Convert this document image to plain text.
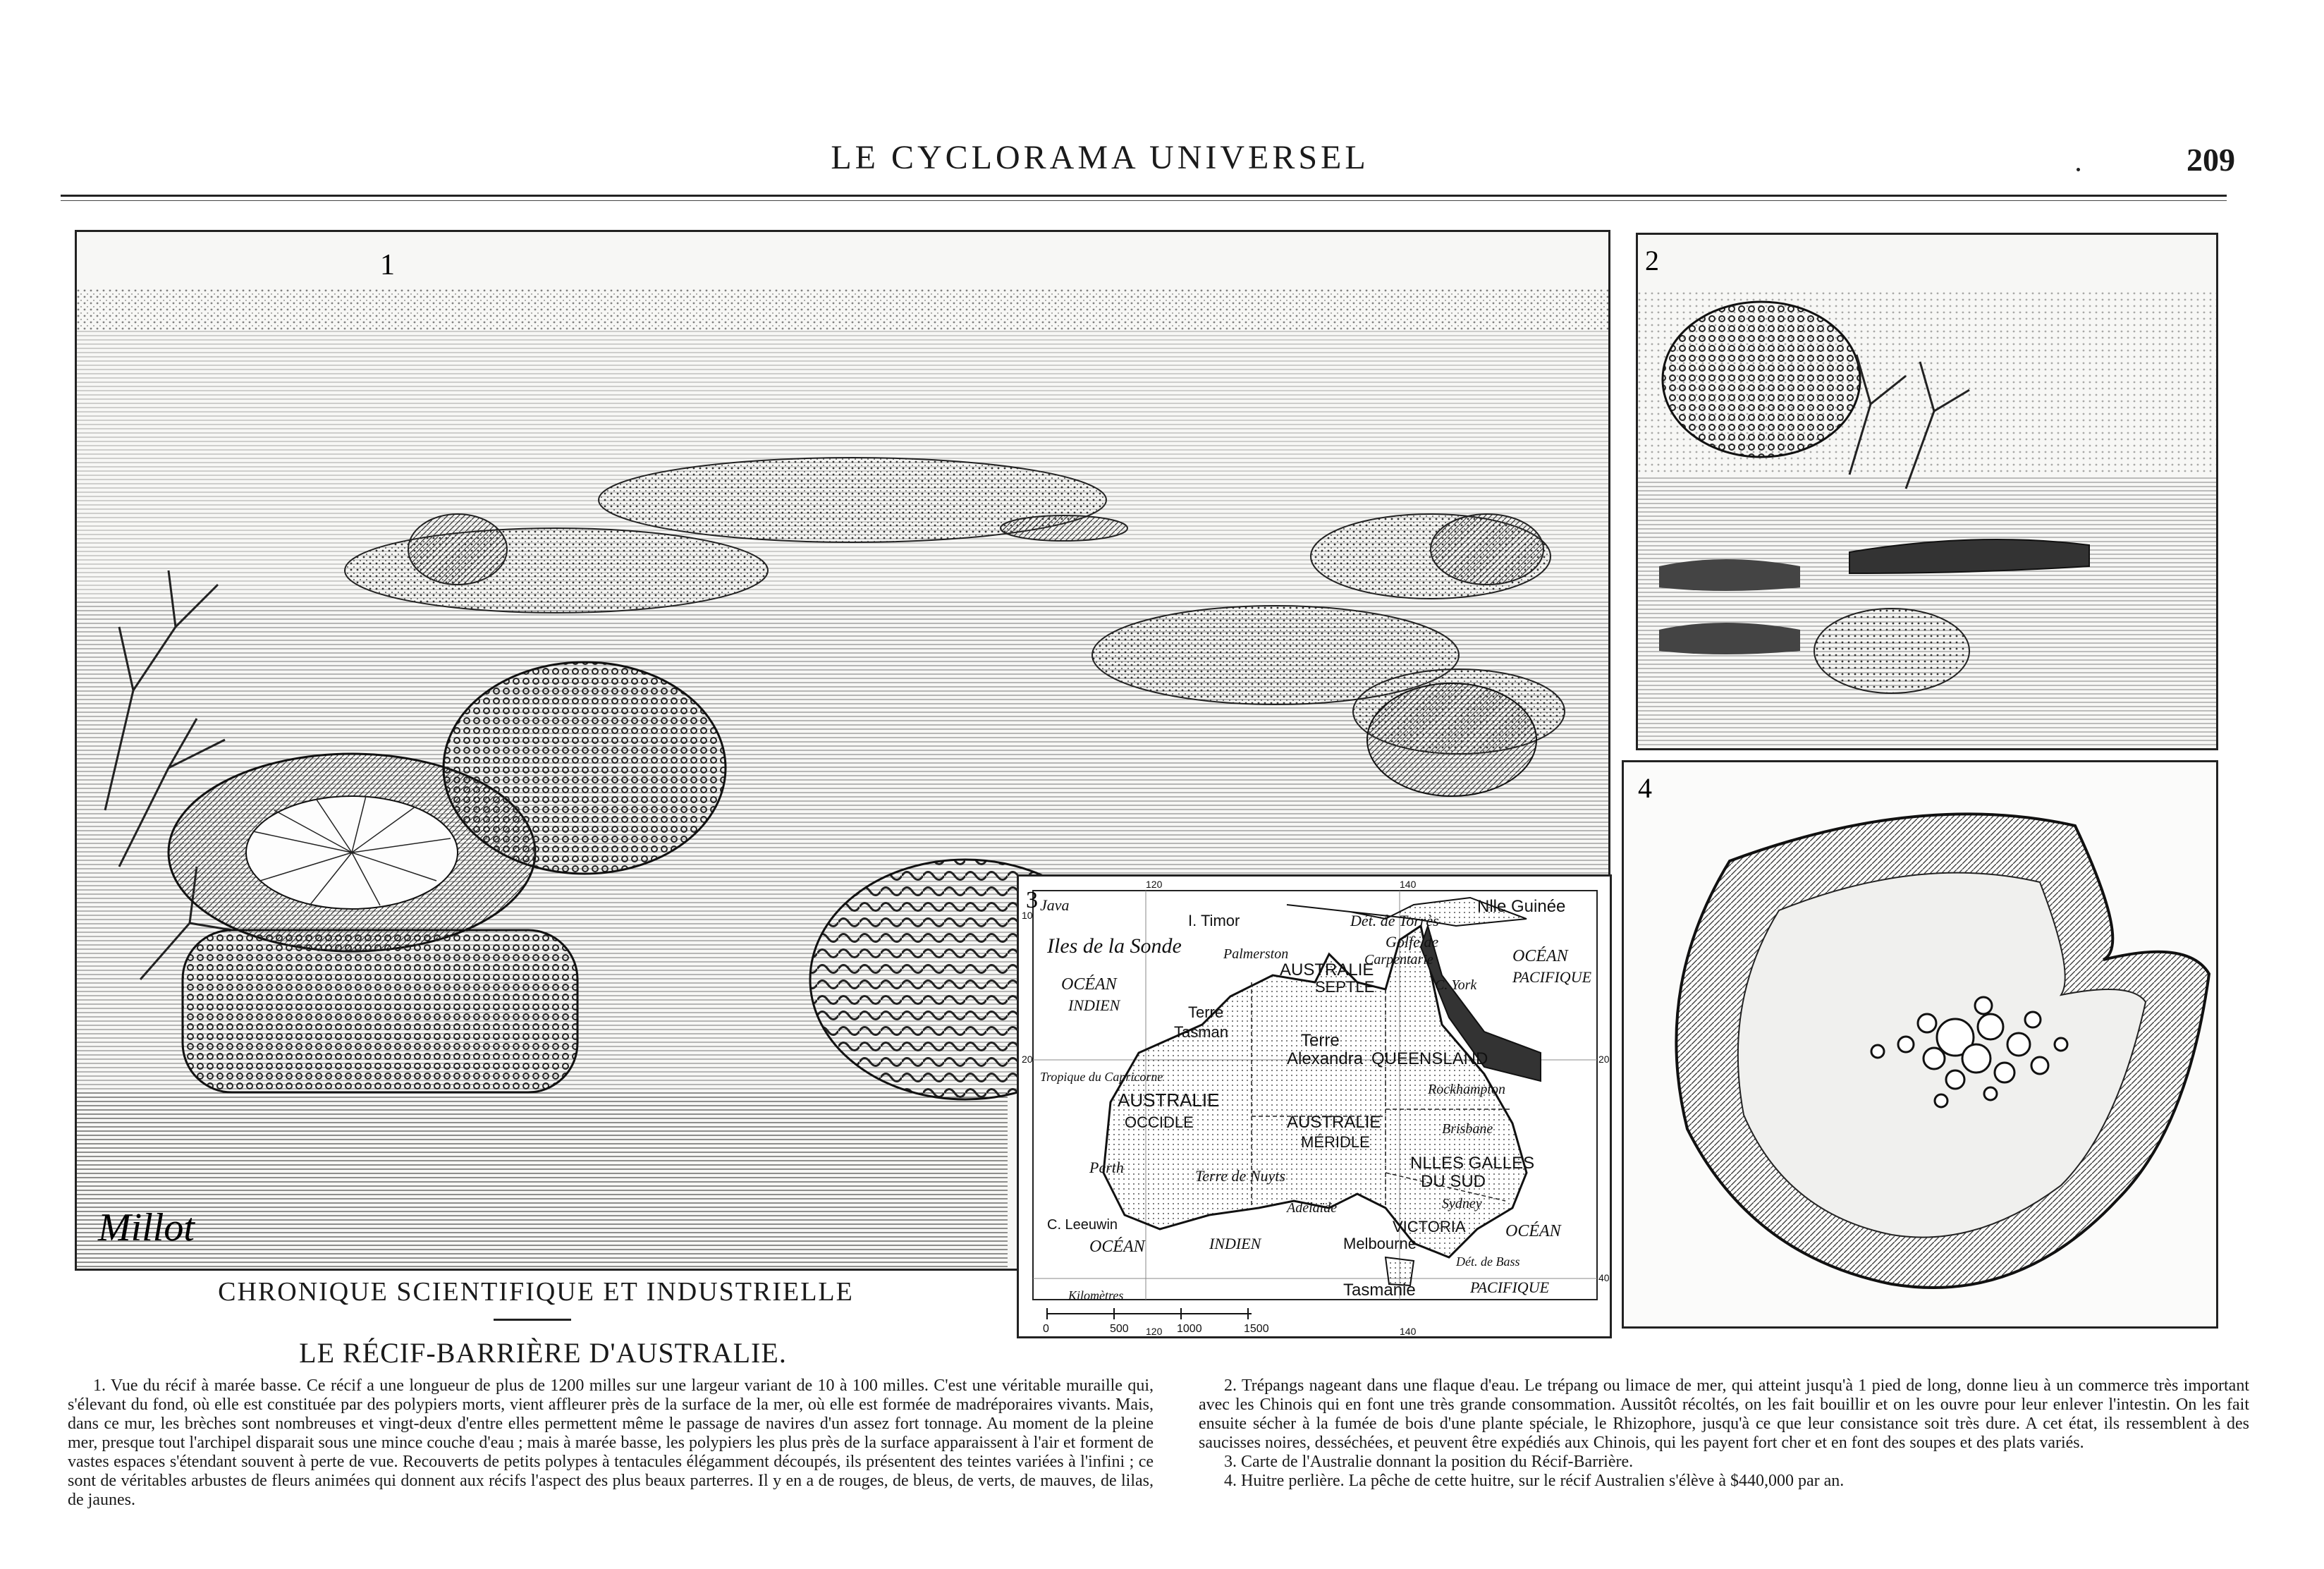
LE CYCLORAMA UNIVERSEL	209
1
Millot
2
4
Java
Iles de la Sonde
I. Timor	Dét. de Torrès
Nlle Guinée
Golfe de
Carpentarie
Palmerston
AUSTRALIE
SEPTLE	C. York
OCÉAN
PACIFIQUE
OCÉAN
INDIEN	Terre
Tasman	Terre
Alexandra QUEENSLAND
Tropique du Capricorne
AUSTRALIE
OCCIDLE	AUSTRALIE
MÉRIDLE
Rockhampton
Brisbane
Perth	Terre de Nuyts
NLLES GALLES
DU SUD
Sydney
Adélaïde
C. Leeuwin	VICTORIA
Melbourne
OCÉAN	INDIEN
OCÉAN
Dét. de Bass
PACIFIQUE
Tasmanie
Kilomètres
0	500	1000	1500
120	140
120	140
10
20	20
40
3
CHRONIQUE SCIENTIFIQUE ET INDUSTRIELLE
LE RÉCIF-BARRIÈRE D'AUSTRALIE.

1. Vue du récif à marée basse. Ce récif a une longueur de plus de 1200 milles sur une largeur variant de 10 à 100 milles. C'est une véritable muraille qui, s'élevant du fond, où elle est constituée par des polypiers morts, vient affleurer près de la surface de la mer, où elle est formée de madréporaires vivants. Mais, dans ce mur, les brèches sont nombreuses et vingt-deux d'entre elles permettent même le passage de navires d'un assez fort tonnage. Au moment de la pleine mer, presque tout l'archipel disparait sous une mince couche d'eau ; mais à marée basse, les polypiers les plus près de la surface apparaissent à l'air et forment de vastes espaces s'étendant souvent à perte de vue. Recouverts de petits polypes à tentacules élégamment découpés, ils présentent des teintes variées à l'infini ; ce sont de véritables arbustes de fleurs animées qui donnent aux récifs l'aspect des plus beaux parterres. Il y en a de rouges, de bleus, de verts, de mauves, de lilas, de jaunes.

2. Trépangs nageant dans une flaque d'eau. Le trépang ou limace de mer, qui atteint jusqu'à 1 pied de long, donne lieu à un commerce très important avec les Chinois qui en font une très grande consommation. Aussitôt récoltés, on les fait bouillir et on les ouvre pour leur enlever l'intestin. On les fait ensuite sécher à la fumée de bois d'une plante spéciale, le Rhizophore, jusqu'à ce que leur consistance soit très dure. A cet état, ils ressemblent à des saucisses noires, desséchées, et peuvent être expédiés aux Chinois, qui les payent fort cher et en font des soupes et des plats variés.

3. Carte de l'Australie donnant la position du Récif-Barrière.

4. Huitre perlière. La pêche de cette huitre, sur le récif Australien s'élève à $440,000 par an.
